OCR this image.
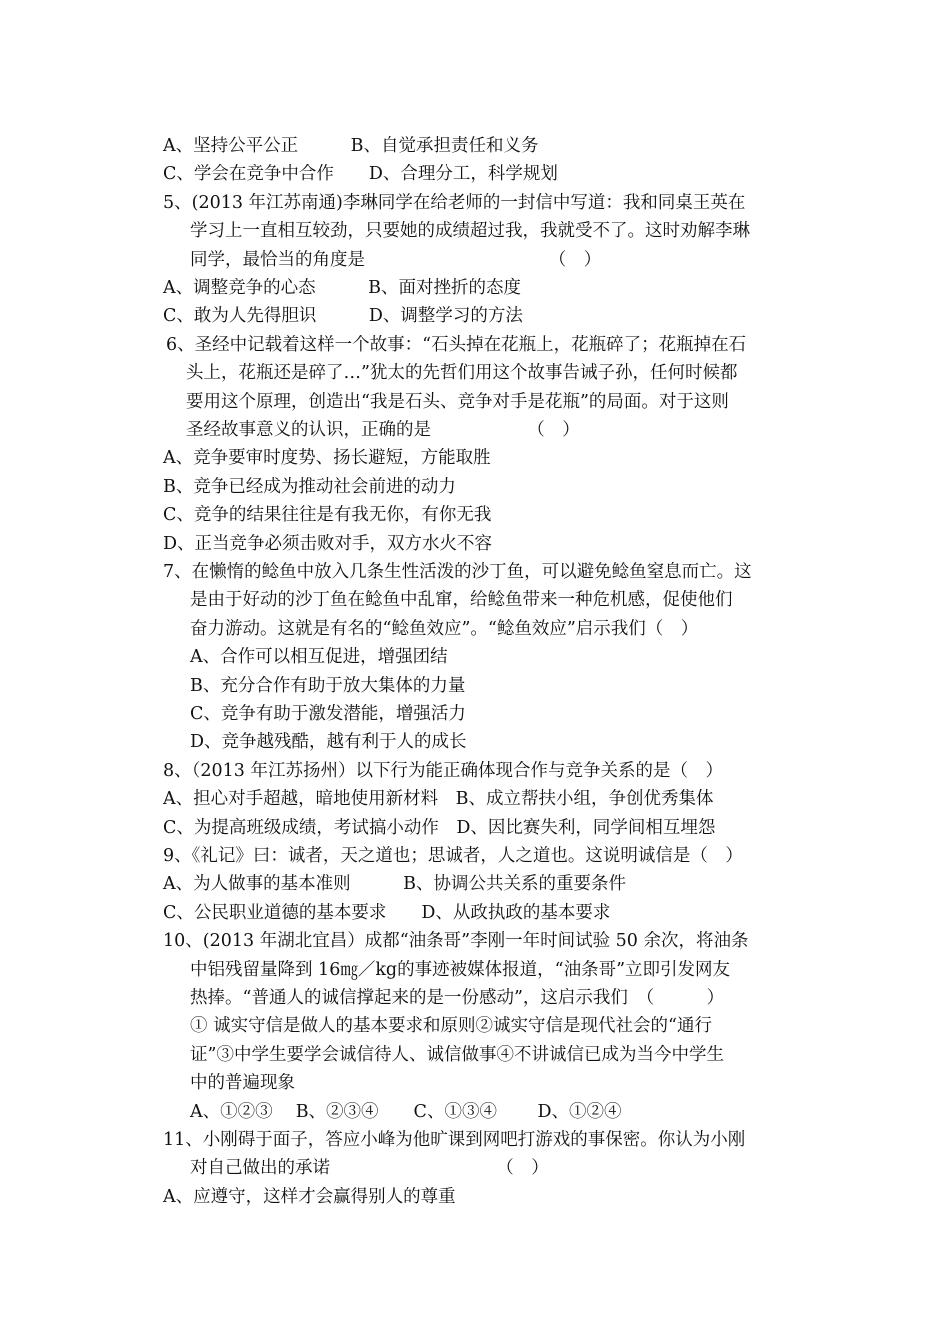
A、坚持公平公正　　　B、自觉承担责任和义务
C、学会在竞争中合作　　D、合理分工，科学规划
5、(2013 年江苏南通)李琳同学在给老师的一封信中写道：我和同桌王英在
学习上一直相互较劲，只要她的成绩超过我，我就受不了。这时劝解李琳
同学，最恰当的角度是　　　　　　　　　　　（　）
A、调整竞争的心态　　　B、面对挫折的态度
C、敢为人先得胆识　　　D、调整学习的方法
6、圣经中记载着这样一个故事：“石头掉在花瓶上，花瓶碎了；花瓶掉在石
头上，花瓶还是碎了…”犹太的先哲们用这个故事告诫子孙，任何时候都
要用这个原理，创造出“我是石头、竞争对手是花瓶”的局面。对于这则
圣经故事意义的认识，正确的是　　　　　　（　）
A、竞争要审时度势、扬长避短，方能取胜
B、竞争已经成为推动社会前进的动力
C、竞争的结果往往是有我无你，有你无我
D、正当竞争必须击败对手，双方水火不容
7、在懒惰的鲶鱼中放入几条生性活泼的沙丁鱼，可以避免鲶鱼窒息而亡。这
是由于好动的沙丁鱼在鲶鱼中乱窜，给鲶鱼带来一种危机感，促使他们
奋力游动。这就是有名的“鲶鱼效应”。“鲶鱼效应”启示我们（　）
A、合作可以相互促进，增强团结
B、充分合作有助于放大集体的力量
C、竞争有助于激发潜能，增强活力
D、竞争越残酷，越有利于人的成长
8、（2013 年江苏扬州）以下行为能正确体现合作与竞争关系的是（　）
A、担心对手超越，暗地使用新材料　B、成立帮扶小组，争创优秀集体
C、为提高班级成绩，考试搞小动作　D、因比赛失利，同学间相互埋怨
9、《礼记》曰：诚者，天之道也；思诚者，人之道也。这说明诚信是（　）
A、为人做事的基本准则　　　B、协调公共关系的重要条件
C、公民职业道德的基本要求　　D、从政执政的基本要求
10、(2013 年湖北宜昌）成都“油条哥”李刚一年时间试验 50 余次，将油条
中铝残留量降到 16㎎／kg的事迹被媒体报道，“油条哥”立即引发网友
热捧。“普通人的诚信撑起来的是一份感动”，这启示我们　（　　　）
① 诚实守信是做人的基本要求和原则②诚实守信是现代社会的“通行
证”③中学生要学会诚信待人、诚信做事④不讲诚信已成为当今中学生
中的普遍现象
A、①②③　 B、②③④　　C、①③④　　 D、①②④
11、小刚碍于面子，答应小峰为他旷课到网吧打游戏的事保密。你认为小刚
对自己做出的承诺　　　　　　　　　　（　）
A、应遵守，这样才会赢得别人的尊重
